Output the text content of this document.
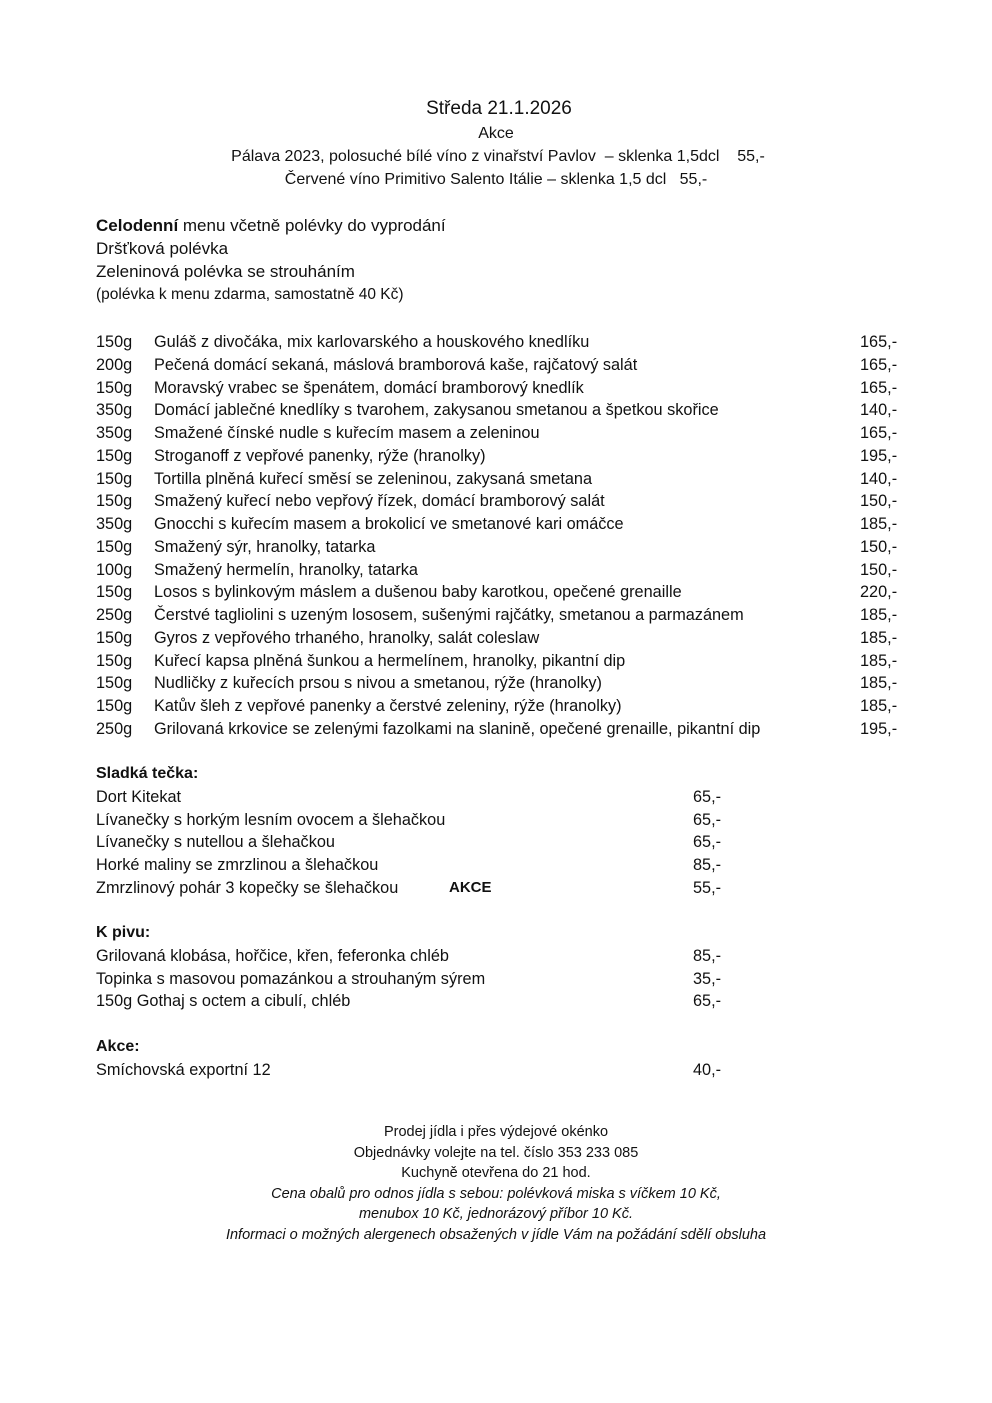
Středa 21.1.2026
Akce
Pálava 2023, polosuché bílé víno z vinařství Pavlov  – sklenka 1,5dcl    55,-
Červené víno Primitivo Salento Itálie – sklenka 1,5 dcl   55,-
Celodenní menu včetně polévky do vyprodání
Dršťková polévka
Zeleninová polévka se strouháním
(polévka k menu zdarma, samostatně 40 Kč)
150g Guláš z divočáka, mix karlovarského a houskového knedlíku	165,-
200g Pečená domácí sekaná, máslová bramborová kaše, rajčatový salát	165,-
150g Moravský vrabec se špenátem, domácí bramborový knedlík	165,-
350g Domácí jablečné knedlíky s tvarohem, zakysanou smetanou a špetkou skořice	140,-
350g Smažené čínské nudle s kuřecím masem a zeleninou	165,-
150g Stroganoff z vepřové panenky, rýže (hranolky)	195,-
150g Tortilla plněná kuřecí směsí se zeleninou, zakysaná smetana	140,-
150g Smažený kuřecí nebo vepřový řízek, domácí bramborový salát	150,-
350g Gnocchi s kuřecím masem a brokolicí ve smetanové kari omáčce	185,-
150g Smažený sýr, hranolky, tatarka	150,-
100g Smažený hermelín, hranolky, tatarka	150,-
150g Losos s bylinkovým máslem a dušenou baby karotkou, opečené grenaille	220,-
250g Čerstvé tagliolini s uzeným lososem, sušenými rajčátky, smetanou a parmazánem	185,-
150g Gyros z vepřového trhaného, hranolky, salát coleslaw	185,-
150g Kuřecí kapsa plněná šunkou a hermelínem, hranolky, pikantní dip	185,-
150g Nudličky z kuřecích prsou s nivou a smetanou, rýže (hranolky)	185,-
150g Katův šleh z vepřové panenky a čerstvé zeleniny, rýže (hranolky)	185,-
250g Grilovaná krkovice se zelenými fazolkami na slanině, opečené grenaille, pikantní dip	195,-
Sladká tečka:
Dort Kitekat	65,-
Lívanečky s horkým lesním ovocem a šlehačkou	65,-
Lívanečky s nutellou a šlehačkou	65,-
Horké maliny se zmrzlinou a šlehačkou	85,-
Zmrzlinový pohár 3 kopečky se šlehačkou	AKCE	55,-
K pivu:
Grilovaná klobása, hořčice, křen, feferonka chléb	85,-
Topinka s masovou pomazánkou a strouhaným sýrem	35,-
150g Gothaj s octem a cibulí, chléb	65,-
Akce:
Smíchovská exportní 12	40,-
Prodej jídla i přes výdejové okénko
Objednávky volejte na tel. číslo 353 233 085
Kuchyně otevřena do 21 hod.
Cena obalů pro odnos jídla s sebou: polévková miska s víčkem 10 Kč,
menubox 10 Kč, jednorázový příbor 10 Kč.
Informaci o možných alergenech obsažených v jídle Vám na požádání sdělí obsluha
